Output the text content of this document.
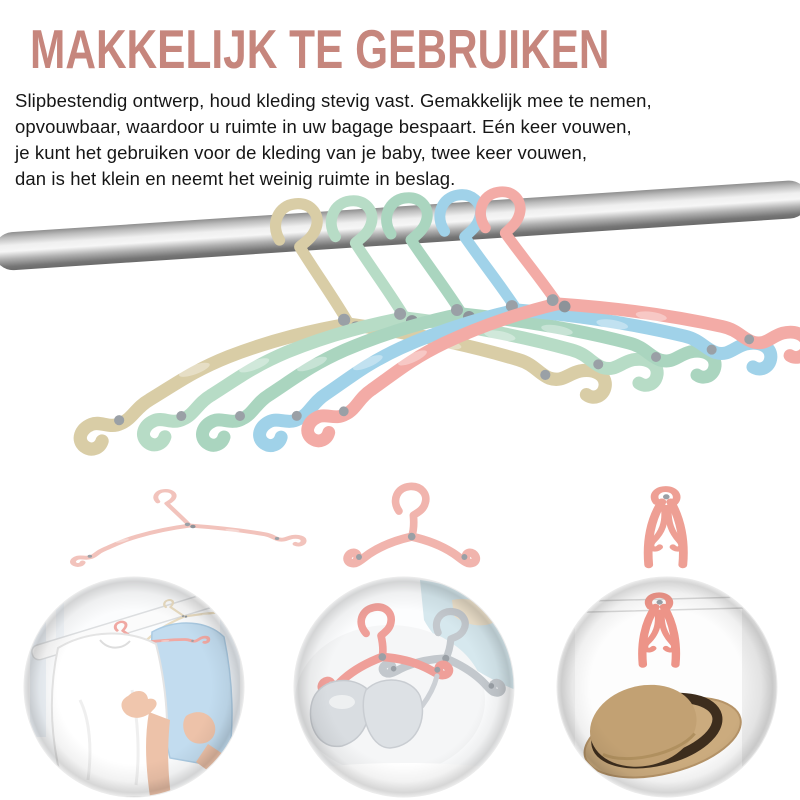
MAKKELIJK TE GEBRUIKEN
Slipbestendig ontwerp, houd kleding stevig vast. Gemakkelijk mee te nemen,
opvouwbaar, waardoor u ruimte in uw bagage bespaart. Eén keer vouwen,
je kunt het gebruiken voor de kleding van je baby, twee keer vouwen,
dan is het klein en neemt het weinig ruimte in beslag.
